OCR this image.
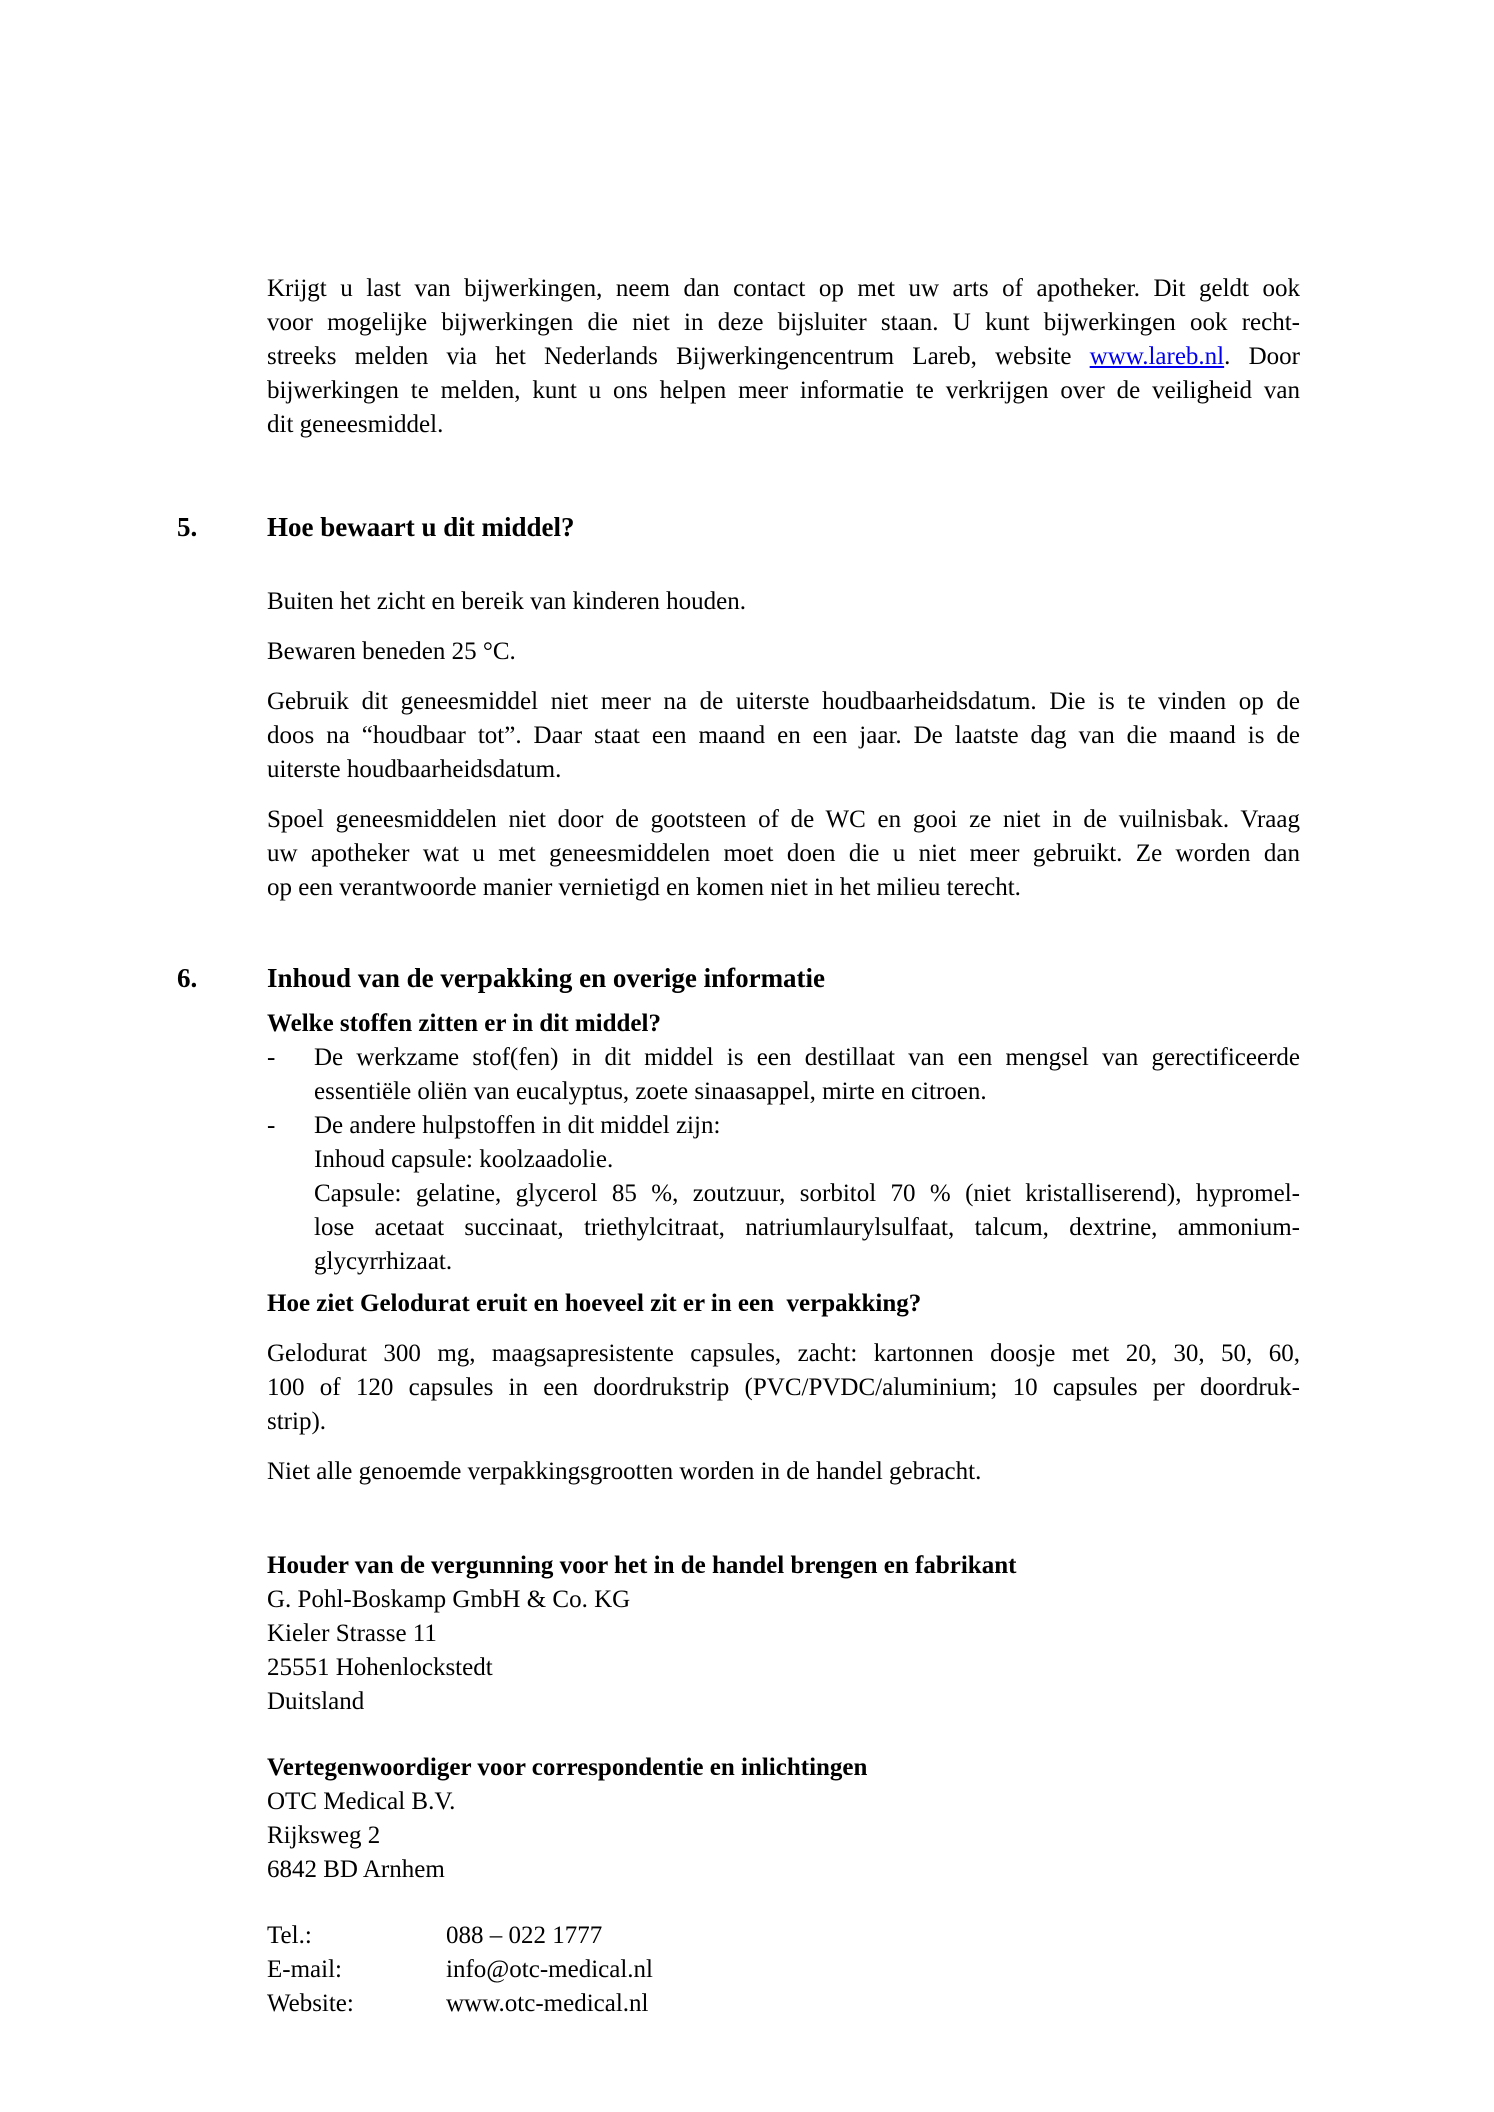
Krijgt u last van bijwerkingen, neem dan contact op met uw arts of apotheker. Dit geldt ook
voor mogelijke bijwerkingen die niet in deze bijsluiter staan. U kunt bijwerkingen ook recht-
streeks melden via het Nederlands Bijwerkingencentrum Lareb, website www.lareb.nl. Door
bijwerkingen te melden, kunt u ons helpen meer informatie te verkrijgen over de veiligheid van
dit geneesmiddel.
5.	Hoe bewaart u dit middel?
Buiten het zicht en bereik van kinderen houden.
Bewaren beneden 25 °C.
Gebruik dit geneesmiddel niet meer na de uiterste houdbaarheidsdatum. Die is te vinden op de
doos na “houdbaar tot”. Daar staat een maand en een jaar. De laatste dag van die maand is de
uiterste houdbaarheidsdatum.
Spoel geneesmiddelen niet door de gootsteen of de WC en gooi ze niet in de vuilnisbak. Vraag
uw apotheker wat u met geneesmiddelen moet doen die u niet meer gebruikt. Ze worden dan
op een verantwoorde manier vernietigd en komen niet in het milieu terecht.
6.	Inhoud van de verpakking en overige informatie
Welke stoffen zitten er in dit middel?
- De werkzame stof(fen) in dit middel is een destillaat van een mengsel van gerectificeerde
essentiële oliën van eucalyptus, zoete sinaasappel, mirte en citroen.
- De andere hulpstoffen in dit middel zijn:
Inhoud capsule: koolzaadolie.
Capsule: gelatine, glycerol 85 %, zoutzuur, sorbitol 70 % (niet kristalliserend), hypromel-
lose acetaat succinaat, triethylcitraat, natriumlaurylsulfaat, talcum, dextrine, ammonium-
glycyrrhizaat.
Hoe ziet Gelodurat eruit en hoeveel zit er in een  verpakking?
Gelodurat 300 mg, maagsapresistente capsules, zacht: kartonnen doosje met 20, 30, 50, 60,
100 of 120 capsules in een doordrukstrip (PVC/PVDC/aluminium; 10 capsules per doordruk-
strip).
Niet alle genoemde verpakkingsgrootten worden in de handel gebracht.
Houder van de vergunning voor het in de handel brengen en fabrikant
G. Pohl-Boskamp GmbH & Co. KG
Kieler Strasse 11
25551 Hohenlockstedt
Duitsland
Vertegenwoordiger voor correspondentie en inlichtingen
OTC Medical B.V.
Rijksweg 2
6842 BD Arnhem
Tel.:	088 – 022 1777
E-mail:	info@otc-medical.nl
Website:	www.otc-medical.nl
